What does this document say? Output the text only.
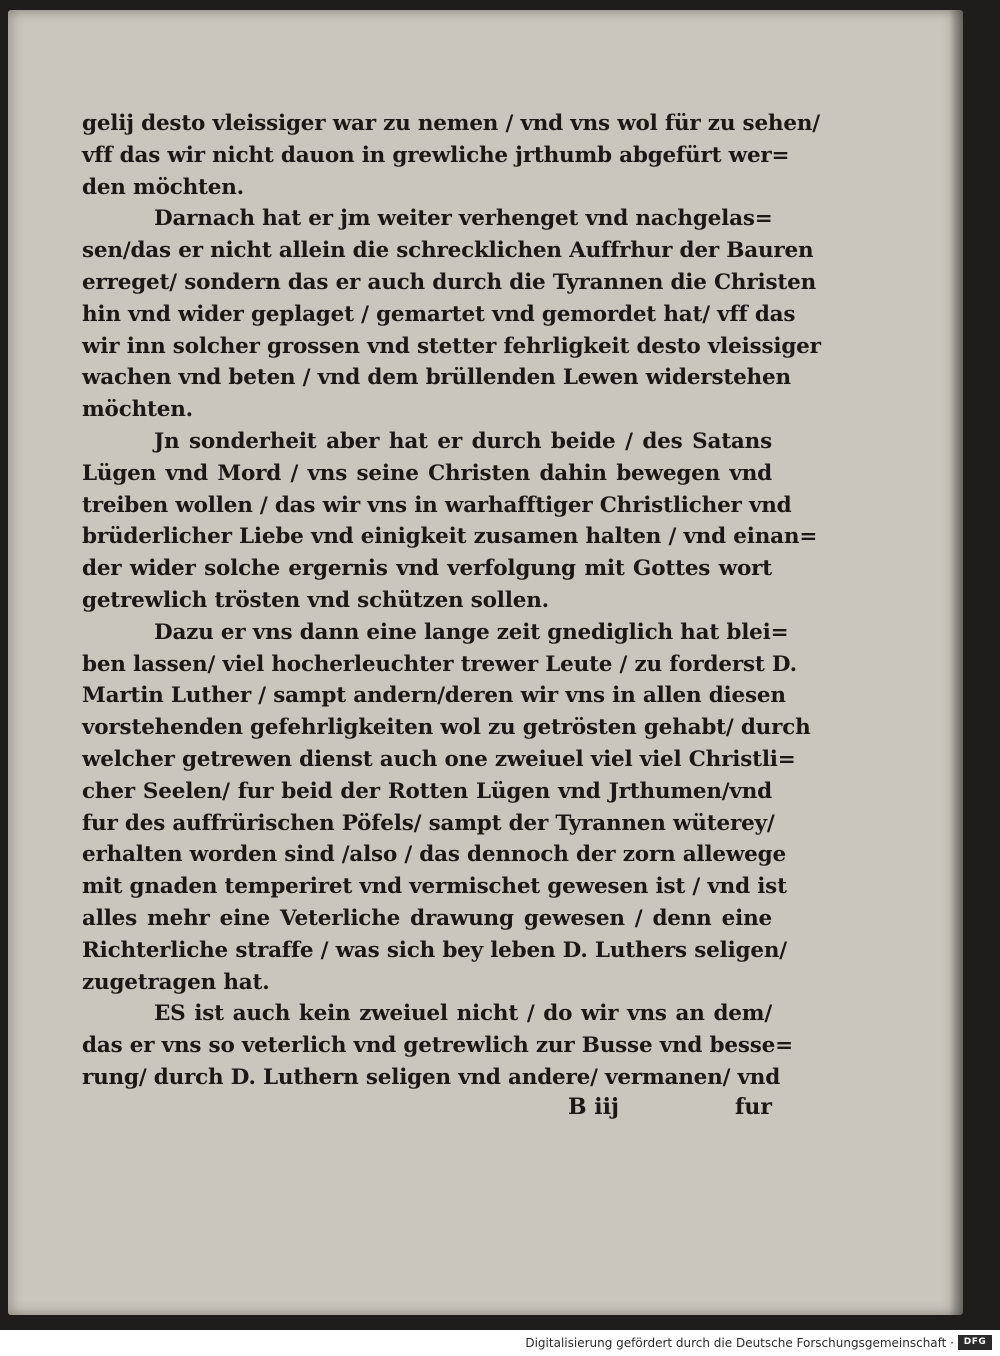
gelij desto vleissiger war zu nemen / vnd vns wol für zu sehen/
vff das wir nicht dauon in grewliche jrthumb abgefürt wer=
den möchten.
Darnach hat er jm weiter verhenget vnd nachgelas=
sen/das er nicht allein die schrecklichen Auffrhur der Bauren
erreget/ sondern das er auch durch die Tyrannen die Christen
hin vnd wider geplaget / gemartet vnd gemordet hat/ vff das
wir inn solcher grossen vnd stetter fehrligkeit desto vleissiger
wachen vnd beten / vnd dem brüllenden Lewen widerstehen
möchten.
Jn sonderheit aber hat er durch beide / des Satans
Lügen vnd Mord / vns seine Christen dahin bewegen vnd
treiben wollen / das wir vns in warhafftiger Christlicher vnd
brüderlicher Liebe vnd einigkeit zusamen halten / vnd einan=
der wider solche ergernis vnd verfolgung mit Gottes wort
getrewlich trösten vnd schützen sollen.
Dazu er vns dann eine lange zeit gnediglich hat blei=
ben lassen/ viel hocherleuchter trewer Leute / zu forderst D.
Martin Luther / sampt andern/deren wir vns in allen diesen
vorstehenden gefehrligkeiten wol zu getrösten gehabt/ durch
welcher getrewen dienst auch one zweiuel viel viel Christli=
cher Seelen/ fur beid der Rotten Lügen vnd Jrthumen/vnd
fur des auffrürischen Pöfels/ sampt der Tyrannen wüterey/
erhalten worden sind /also / das dennoch der zorn allewege
mit gnaden temperiret vnd vermischet gewesen ist / vnd ist
alles mehr eine Veterliche drawung gewesen / denn eine
Richterliche straffe / was sich bey leben D. Luthers seligen/
zugetragen hat.
ES ist auch kein zweiuel nicht / do wir vns an dem/
das er vns so veterlich vnd getrewlich zur Busse vnd besse=
rung/ durch D. Luthern seligen vnd andere/ vermanen/ vnd
B iij	fur
Digitalisierung gefördert durch die Deutsche Forschungsgemeinschaft ·	DFG
